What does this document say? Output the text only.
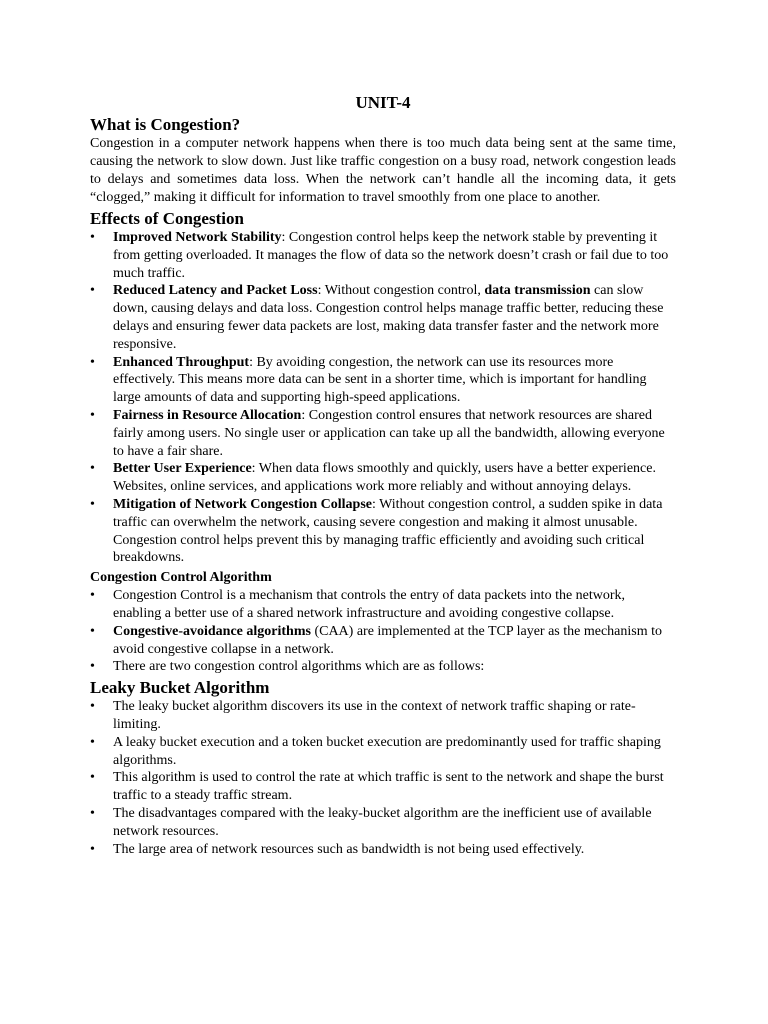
UNIT-4
What is Congestion?

Congestion in a computer network happens when there is too much data being sent at the same time, causing the network to slow down. Just like traffic congestion on a busy road, network congestion leads to delays and sometimes data loss. When the network can’t handle all the incoming data, it gets “clogged,” making it difficult for information to travel smoothly from one place to another.

Effects of Congestion
• Improved Network Stability: Congestion control helps keep the network stable by preventing it from getting overloaded. It manages the flow of data so the network doesn’t crash or fail due to too much traffic.
• Reduced Latency and Packet Loss: Without congestion control, data transmission can slow down, causing delays and data loss. Congestion control helps manage traffic better, reducing these delays and ensuring fewer data packets are lost, making data transfer faster and the network more responsive.
• Enhanced Throughput: By avoiding congestion, the network can use its resources more effectively. This means more data can be sent in a shorter time, which is important for handling large amounts of data and supporting high-speed applications.
• Fairness in Resource Allocation: Congestion control ensures that network resources are shared fairly among users. No single user or application can take up all the bandwidth, allowing everyone to have a fair share.
• Better User Experience: When data flows smoothly and quickly, users have a better experience. Websites, online services, and applications work more reliably and without annoying delays.
• Mitigation of Network Congestion Collapse: Without congestion control, a sudden spike in data traffic can overwhelm the network, causing severe congestion and making it almost unusable. Congestion control helps prevent this by managing traffic efficiently and avoiding such critical breakdowns.
Congestion Control Algorithm
• Congestion Control is a mechanism that controls the entry of data packets into the network, enabling a better use of a shared network infrastructure and avoiding congestive collapse.
• Congestive-avoidance algorithms (CAA) are implemented at the TCP layer as the mechanism to avoid congestive collapse in a network.
• There are two congestion control algorithms which are as follows:
Leaky Bucket Algorithm
• The leaky bucket algorithm discovers its use in the context of network traffic shaping or rate-limiting.
• A leaky bucket execution and a token bucket execution are predominantly used for traffic shaping algorithms.
• This algorithm is used to control the rate at which traffic is sent to the network and shape the burst traffic to a steady traffic stream.
• The disadvantages compared with the leaky-bucket algorithm are the inefficient use of available network resources.
• The large area of network resources such as bandwidth is not being used effectively.
